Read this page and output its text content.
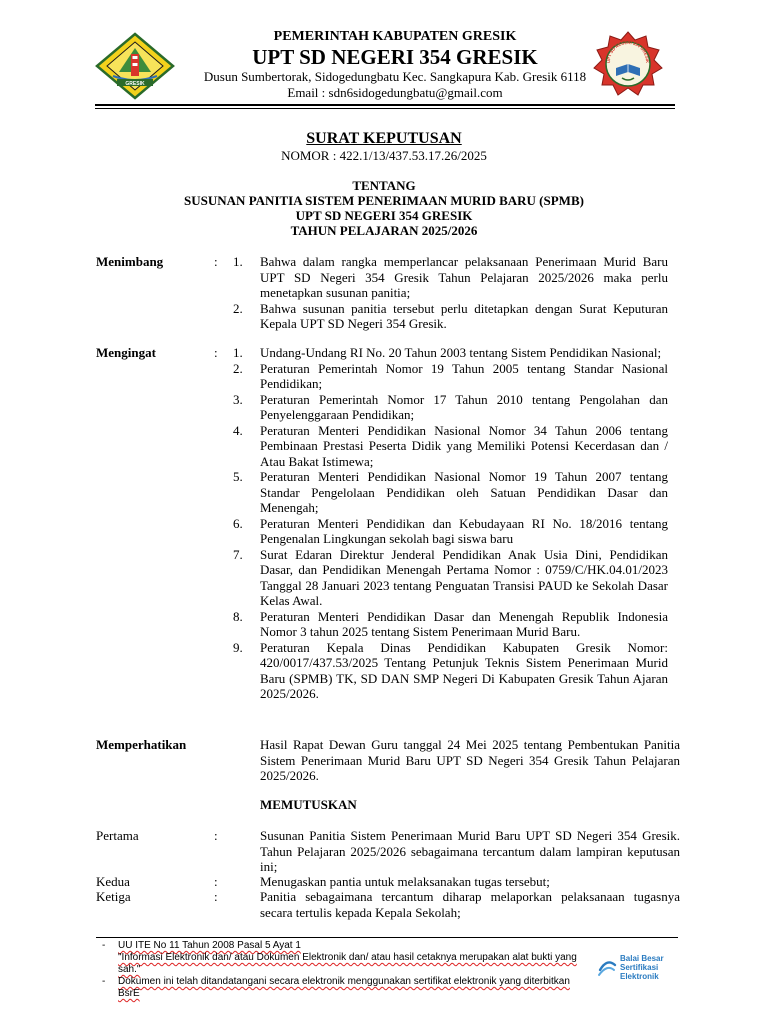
GRESIK
PEMERINTAH KABUPATEN GRESIK
UPT SD NEGERI 354 GRESIK
Dusun Sumbertorak, Sidogedungbatu Kec. Sangkapura Kab. Gresik 6118
Email : sdn6sidogedungbatu@gmail.com
UPT SD NEGERI 354 GRESIK
SURAT KEPUTUSAN
NOMOR : 422.1/13/437.53.17.26/2025
TENTANG
SUSUNAN PANITIA SISTEM PENERIMAAN MURID BARU (SPMB)
UPT SD NEGERI 354 GRESIK
TAHUN PELAJARAN 2025/2026
Menimbang	: 1. Bahwa dalam rangka memperlancar pelaksanaan Penerimaan Murid Baru UPT SD Negeri 354 Gresik Tahun Pelajaran 2025/2026 maka perlu menetapkan susunan panitia;
2. Bahwa susunan panitia tersebut perlu ditetapkan dengan Surat Keputuran Kepala UPT SD Negeri 354 Gresik.
Mengingat	: 1. Undang-Undang RI No. 20 Tahun 2003 tentang Sistem Pendidikan Nasional;
2. Peraturan Pemerintah Nomor 19 Tahun 2005 tentang Standar Nasional Pendidikan;
3. Peraturan Pemerintah Nomor 17 Tahun 2010 tentang Pengolahan dan Penyelenggaraan Pendidikan;
4. Peraturan Menteri Pendidikan Nasional Nomor 34 Tahun 2006 tentang Pembinaan Prestasi Peserta Didik yang Memiliki Potensi Kecerdasan dan / Atau Bakat Istimewa;
5. Peraturan Menteri Pendidikan Nasional Nomor 19 Tahun 2007 tentang Standar Pengelolaan Pendidikan oleh Satuan Pendidikan Dasar dan Menengah;
6. Peraturan Menteri Pendidikan dan Kebudayaan RI No. 18/2016 tentang Pengenalan Lingkungan sekolah bagi siswa baru
7. Surat Edaran Direktur Jenderal Pendidikan Anak Usia Dini, Pendidikan Dasar, dan Pendidikan Menengah Pertama Nomor : 0759/C/HK.04.01/2023 Tanggal 28 Januari 2023 tentang Penguatan Transisi PAUD ke Sekolah Dasar Kelas Awal.
8. Peraturan Menteri Pendidikan Dasar dan Menengah Republik Indonesia Nomor 3 tahun 2025 tentang Sistem Penerimaan Murid Baru.
9. Peraturan Kepala Dinas Pendidikan Kabupaten Gresik Nomor: 420/0017/437.53/2025 Tentang Petunjuk Teknis Sistem Penerimaan Murid Baru (SPMB) TK, SD DAN SMP Negeri Di Kabupaten Gresik Tahun Ajaran 2025/2026.
Memperhatikan	Hasil Rapat Dewan Guru tanggal 24 Mei 2025 tentang Pembentukan Panitia Sistem Penerimaan Murid Baru UPT SD Negeri 354 Gresik Tahun Pelajaran 2025/2026.
MEMUTUSKAN
Pertama	:	Susunan Panitia Sistem Penerimaan Murid Baru UPT SD Negeri 354 Gresik. Tahun Pelajaran 2025/2026 sebagaimana tercantum dalam lampiran keputusan ini;
Kedua	:	Menugaskan pantia untuk melaksanakan tugas tersebut;
Ketiga	:	Panitia sebagaimana tercantum diharap melaporkan pelaksanaan tugasnya secara tertulis kepada Kepala Sekolah;
- UU ITE No 11 Tahun 2008 Pasal 5 Ayat 1
"Informasi Elektronik dan/ atau Dokumen Elektronik dan/ atau hasil cetaknya merupakan alat bukti yang sah."
- Dokumen ini telah ditandatangani secara elektronik menggunakan sertifikat elektronik yang diterbitkan BsrE
Balai Besar
Sertifikasi
Elektronik
